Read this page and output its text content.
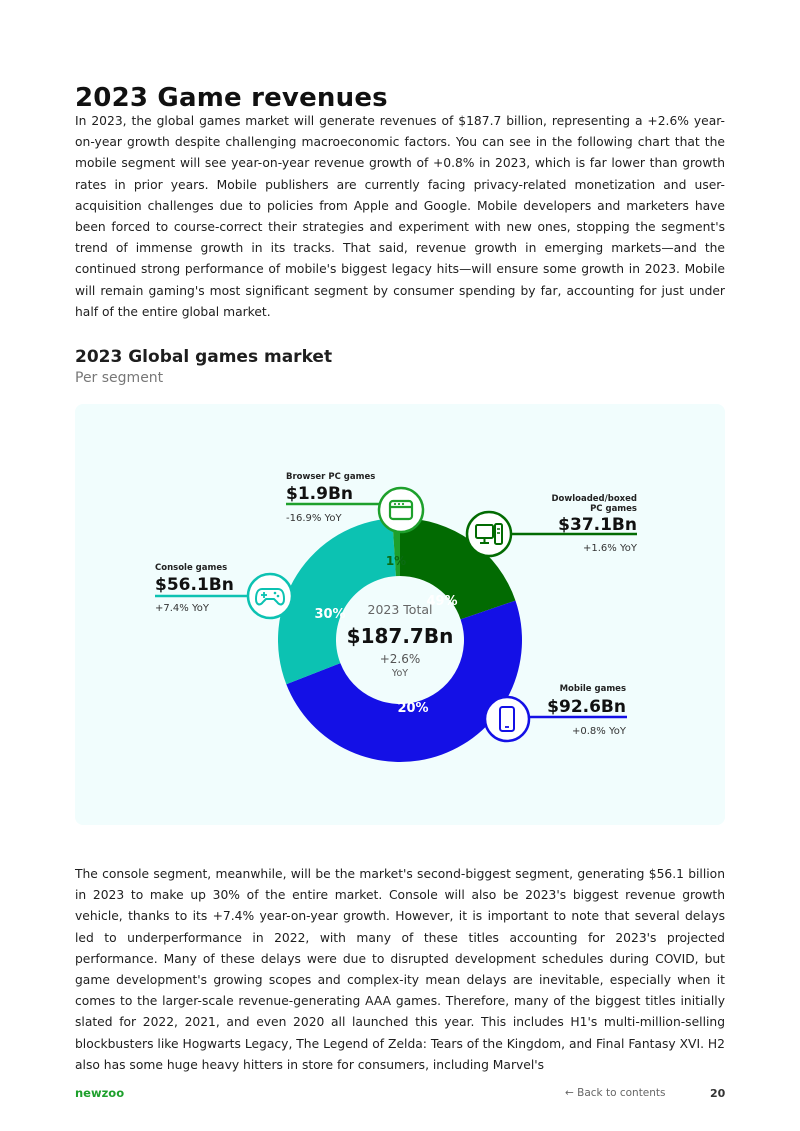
2023 Game revenues

In 2023, the global games market will generate revenues of $187.7 billion, representing a +2.6% year-on-year growth despite challenging macroeconomic factors. You can see in the following chart that the mobile segment will see year-on-year revenue growth of +0.8% in 2023, which is far lower than growth rates in prior years. Mobile publishers are currently facing privacy-related monetization and user-acquisition challenges due to policies from Apple and Google. Mobile developers and marketers have been forced to course-correct their strategies and experiment with new ones, stopping the segment's trend of immense growth in its tracks. That said, revenue growth in emerging markets—and the continued strong performance of mobile's biggest legacy hits—will ensure some growth in 2023. Mobile will remain gaming's most significant segment by consumer spending by far, accounting for just under half of the entire global market.

2023 Global games market
Per segment
20%
49%
30%
1%
2023 Total
$187.7Bn
+2.6%
YoY
Dowloaded/boxed
PC games
$37.1Bn
+1.6% YoY
Mobile games
$92.6Bn
+0.8% YoY
Console games
$56.1Bn
+7.4% YoY
Browser PC games
$1.9Bn
-16.9% YoY

The console segment, meanwhile, will be the market's second-biggest segment, generating $56.1 billion in 2023 to make up 30% of the entire market. Console will also be 2023's biggest revenue growth vehicle, thanks to its +7.4% year-on-year growth. However, it is important to note that several delays led to underperformance in 2022, with many of these titles accounting for 2023's projected performance. Many of these delays were due to disrupted development schedules during COVID, but game development's growing scopes and complex-ity mean delays are inevitable, especially when it comes to the larger-scale revenue-generating AAA games. Therefore, many of the biggest titles initially slated for 2022, 2021, and even 2020 all launched this year. This includes H1's multi-million-selling blockbusters like Hogwarts Legacy, The Legend of Zelda: Tears of the Kingdom, and Final Fantasy XVI. H2 also has some huge heavy hitters in store for consumers, including Marvel's

newzoo	← Back to contents	20
